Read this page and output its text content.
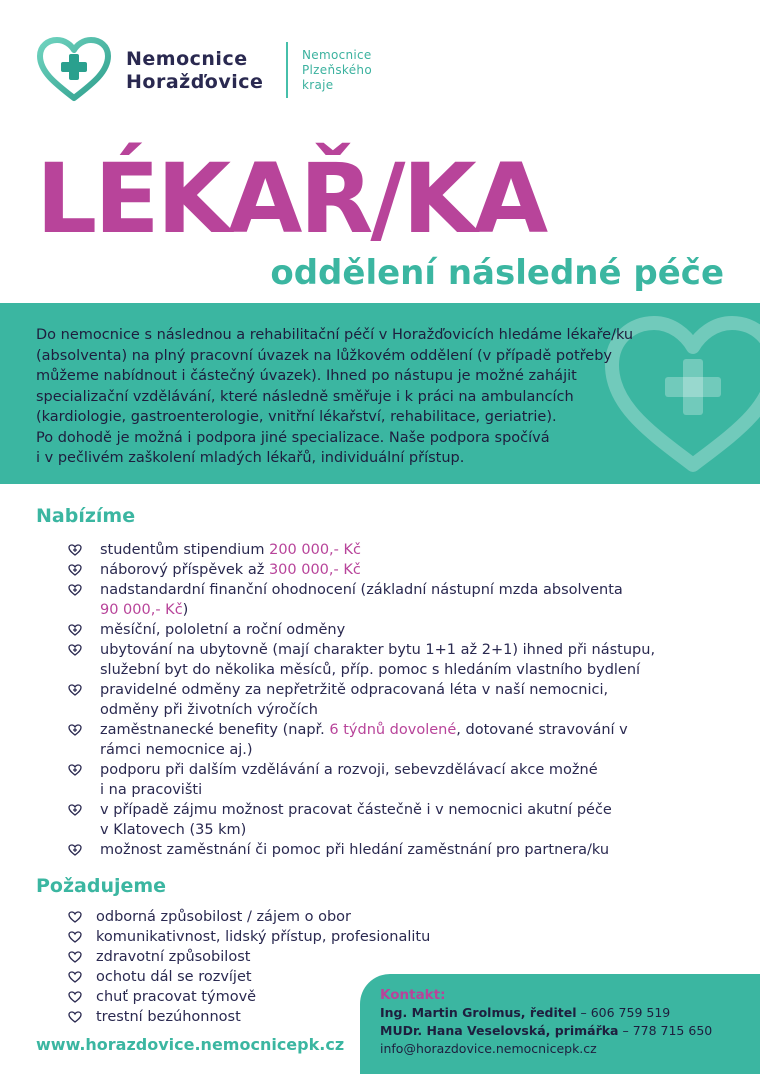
Nemocnice
Horažďovice
Nemocnice
Plzeňského
kraje
LÉKAŘ/KA
oddělení následné péče
Do nemocnice s následnou a rehabilitační péčí v Horažďovicích hledáme lékaře/ku
(absolventa) na plný pracovní úvazek na lůžkovém oddělení (v případě potřeby
můžeme nabídnout i částečný úvazek). Ihned po nástupu je možné zahájit
specializační vzdělávání, které následně směřuje i k práci na ambulancích
(kardiologie, gastroenterologie, vnitřní lékařství, rehabilitace, geriatrie).
Po dohodě je možná i podpora jiné specializace. Naše podpora spočívá
i v pečlivém zaškolení mladých lékařů, individuální přístup.
Nabízíme
studentům stipendium 200 000,- Kč
náborový příspěvek až 300 000,- Kč
nadstandardní finanční ohodnocení (základní nástupní mzda absolventa
90 000,- Kč)
měsíční, pololetní a roční odměny
ubytování na ubytovně (mají charakter bytu 1+1 až 2+1) ihned při nástupu,
služební byt do několika měsíců, příp. pomoc s hledáním vlastního bydlení
pravidelné odměny za nepřetržitě odpracovaná léta v naší nemocnici,
odměny při životních výročích
zaměstnanecké benefity (např. 6 týdnů dovolené, dotované stravování v
rámci nemocnice aj.)
podporu při dalším vzdělávání a rozvoji, sebevzdělávací akce možné
i na pracovišti
v případě zájmu možnost pracovat částečně i v nemocnici akutní péče
v Klatovech (35 km)
možnost zaměstnání či pomoc při hledání zaměstnání pro partnera/ku
Požadujeme
odborná způsobilost / zájem o obor
komunikativnost, lidský přístup, profesionalitu
zdravotní způsobilost
ochotu dál se rozvíjet
chuť pracovat týmově
trestní bezúhonnost
www.horazdovice.nemocnicepk.cz
Kontakt:
Ing. Martin Grolmus, ředitel – 606 759 519
MUDr. Hana Veselovská, primářka – 778 715 650
info@horazdovice.nemocnicepk.cz
